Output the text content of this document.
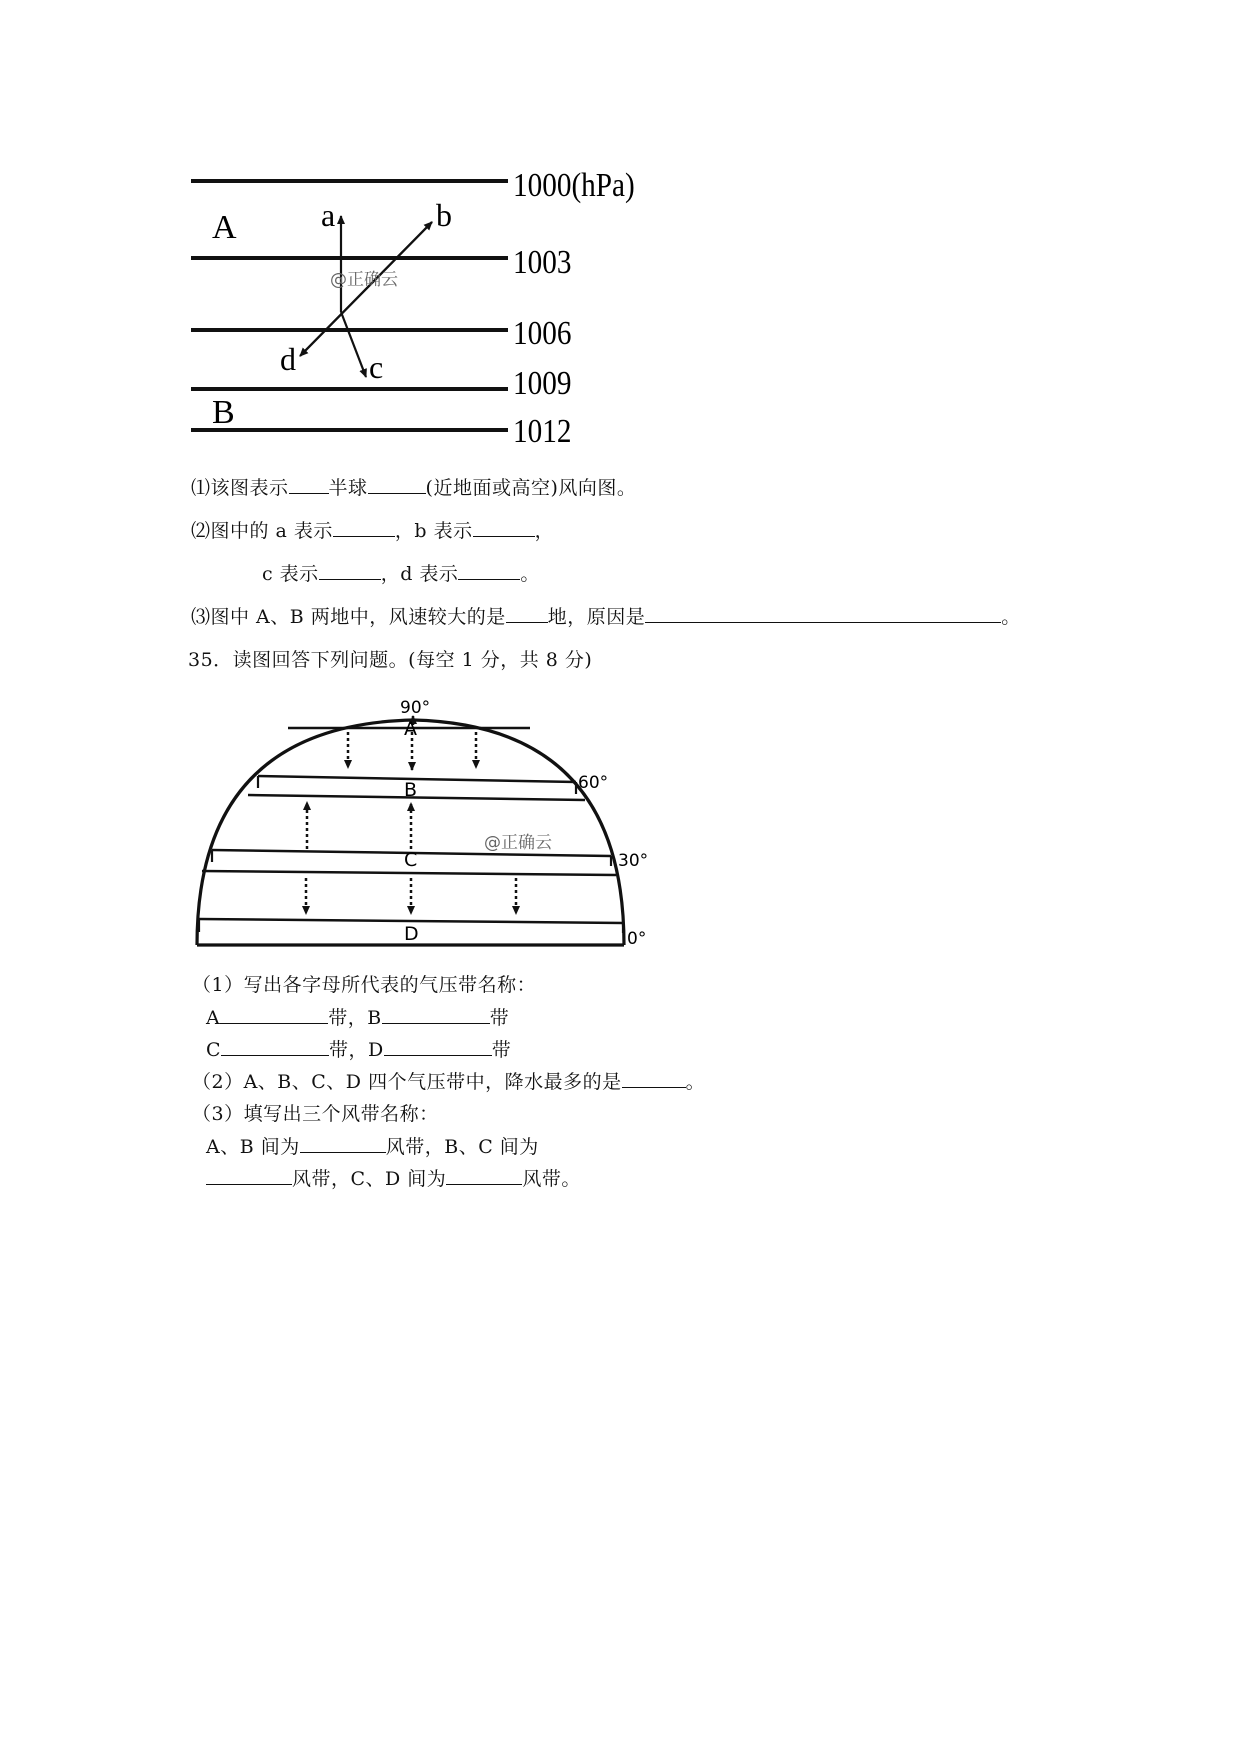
1000(hPa)
1003
1006
1009
1012
A
B
a	b
c
d
@正确云
⑴该图表示 半球	(近地面或高空)风向图。
⑵图中的 a 表示	，b 表示	，
c 表示	，d 表示	。
⑶图中 A、B 两地中，风速较大的是 地，原因是	。
35．读图回答下列问题。(每空 1 分，共 8 分)
90°
60°
30°
0°
A
B
C
D
@正确云
（1）写出各字母所代表的气压带名称：
A	带，B	带
C	带，D	带
（2）A、B、C、D 四个气压带中，降水最多的是	。
（3）填写出三个风带名称：
A、B 间为	风带，B、C 间为
风带，C、D 间为	风带。
